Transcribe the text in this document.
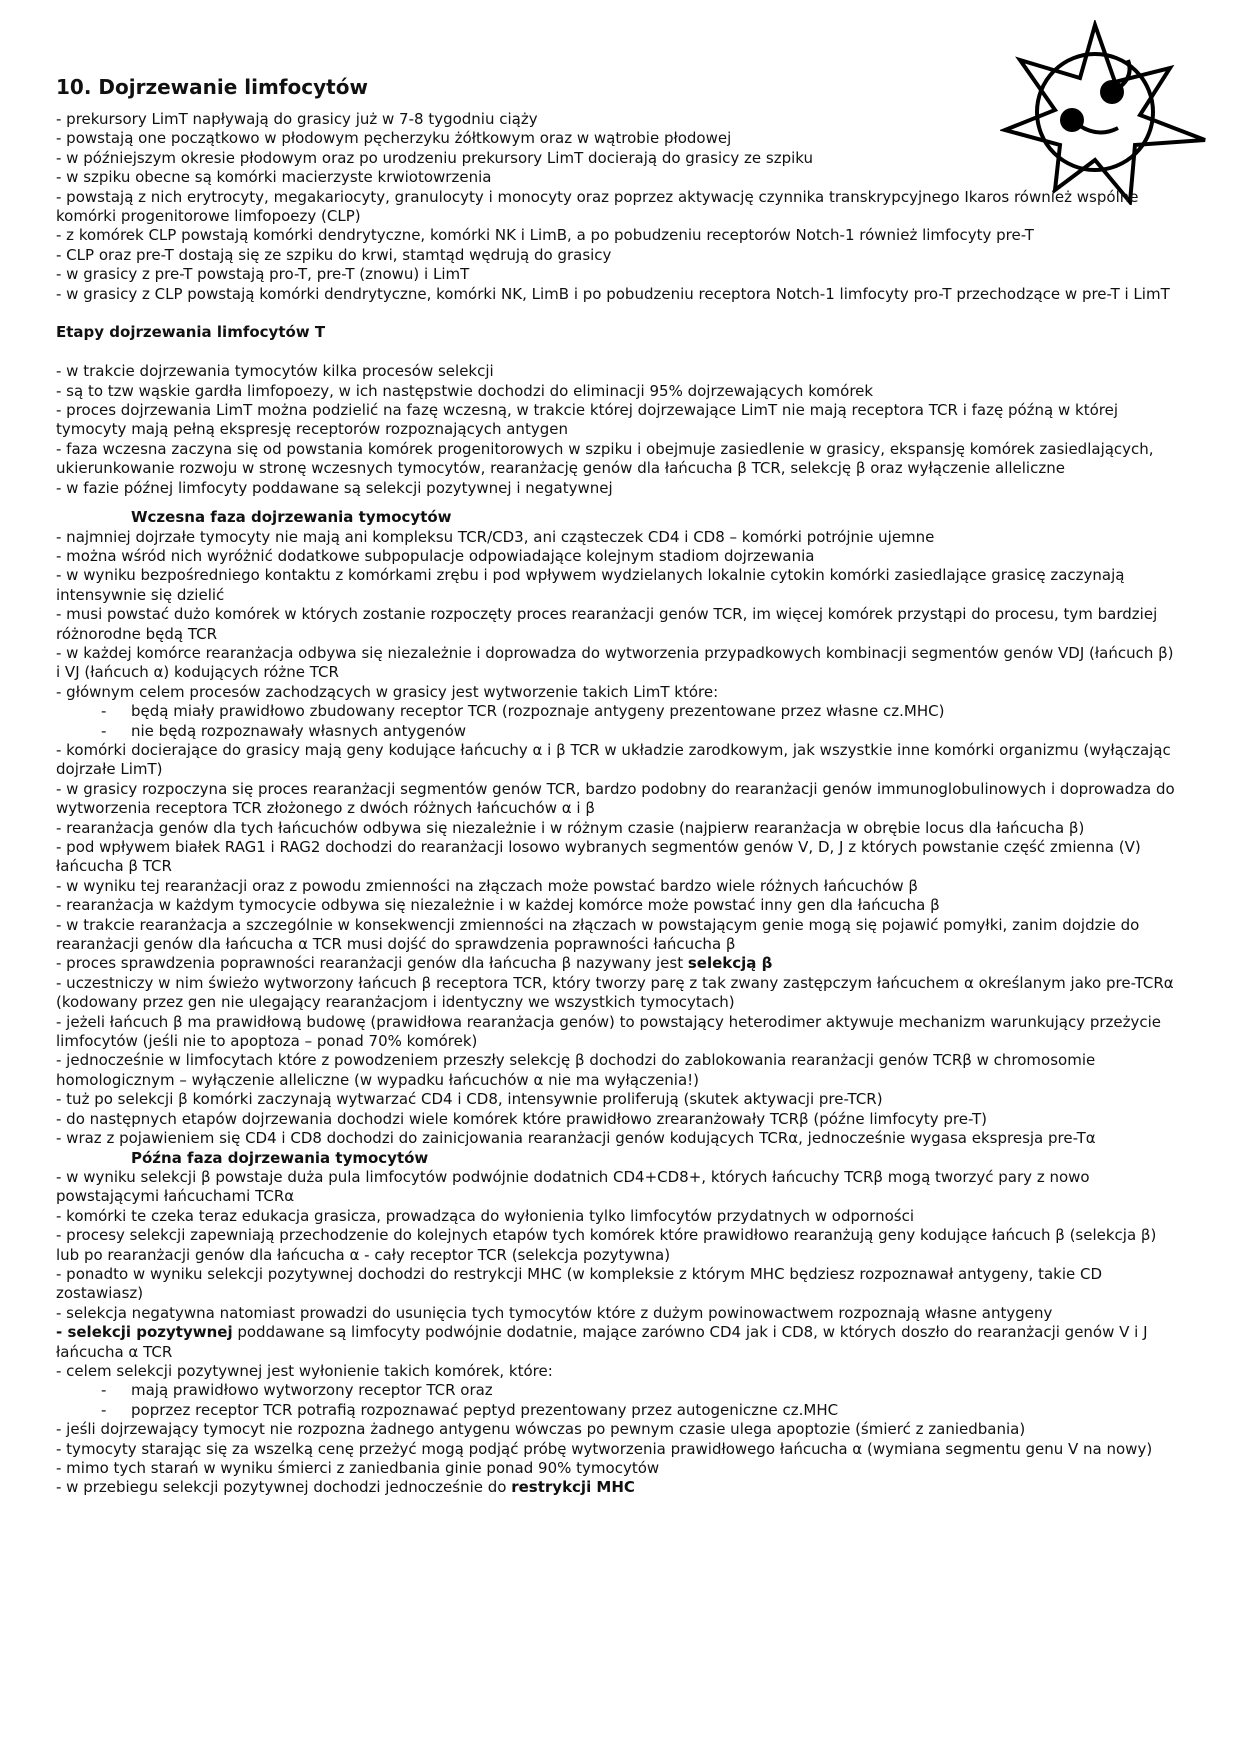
10. Dojrzewanie limfocytów

- prekursory LimT napływają do grasicy już w 7-8 tygodniu ciąży

- powstają one początkowo w płodowym pęcherzyku żółtkowym oraz w wątrobie płodowej

- w późniejszym okresie płodowym oraz po urodzeniu prekursory LimT docierają do grasicy ze szpiku

- w szpiku obecne są komórki macierzyste krwiotowrzenia

- powstają z nich erytrocyty, megakariocyty, granulocyty i monocyty oraz poprzez aktywację czynnika transkrypcyjnego Ikaros również wspólne komórki progenitorowe limfopoezy (CLP)

- z komórek CLP powstają komórki dendrytyczne, komórki NK i LimB, a po pobudzeniu receptorów Notch-1 również limfocyty pre-T

- CLP oraz pre-T dostają się ze szpiku do krwi, stamtąd wędrują do grasicy

- w grasicy z pre-T powstają pro-T, pre-T (znowu) i LimT

- w grasicy z CLP powstają komórki dendrytyczne, komórki NK, LimB i po pobudzeniu receptora Notch-1 limfocyty pro-T przechodzące w pre-T i LimT

Etapy dojrzewania limfocytów T

- w trakcie dojrzewania tymocytów kilka procesów selekcji

- są to tzw wąskie gardła limfopoezy, w ich następstwie dochodzi do eliminacji 95% dojrzewających komórek

- proces dojrzewania LimT można podzielić na fazę wczesną, w trakcie której dojrzewające LimT nie mają receptora TCR i fazę późną w której tymocyty mają pełną ekspresję receptorów rozpoznających antygen

- faza wczesna zaczyna się od powstania komórek progenitorowych w szpiku i obejmuje zasiedlenie w grasicy, ekspansję komórek zasiedlających, ukierunkowanie rozwoju w stronę wczesnych tymocytów, rearanżację genów dla łańcucha β TCR, selekcję β oraz wyłączenie alleliczne

- w fazie późnej limfocyty poddawane są selekcji pozytywnej i negatywnej

Wczesna faza dojrzewania tymocytów

- najmniej dojrzałe tymocyty nie mają ani kompleksu TCR/CD3, ani cząsteczek CD4 i CD8 – komórki potrójnie ujemne

- można wśród nich wyróżnić dodatkowe subpopulacje odpowiadające kolejnym stadiom dojrzewania

- w wyniku bezpośredniego kontaktu z komórkami zrębu i pod wpływem wydzielanych lokalnie cytokin komórki zasiedlające grasicę zaczynają intensywnie się dzielić

- musi powstać dużo komórek w których zostanie rozpoczęty proces rearanżacji genów TCR, im więcej komórek przystąpi do procesu, tym bardziej różnorodne będą TCR

- w każdej komórce rearanżacja odbywa się niezależnie i doprowadza do wytworzenia przypadkowych kombinacji segmentów genów VDJ (łańcuch β) i VJ (łańcuch α) kodujących różne TCR

- głównym celem procesów zachodzących w grasicy jest wytworzenie takich LimT które:

- będą miały prawidłowo zbudowany receptor TCR (rozpoznaje antygeny prezentowane przez własne cz.MHC)

- nie będą rozpoznawały własnych antygenów

- komórki docierające do grasicy mają geny kodujące łańcuchy α i β TCR w układzie zarodkowym, jak wszystkie inne komórki organizmu (wyłączając dojrzałe LimT)

- w grasicy rozpoczyna się proces rearanżacji segmentów genów TCR, bardzo podobny do rearanżacji genów immunoglobulinowych i doprowadza do wytworzenia receptora TCR złożonego z dwóch różnych łańcuchów α i β

- rearanżacja genów dla tych łańcuchów odbywa się niezależnie i w różnym czasie (najpierw rearanżacja w obrębie locus dla łańcucha β)

- pod wpływem białek RAG1 i RAG2 dochodzi do rearanżacji losowo wybranych segmentów genów V, D, J z których powstanie część zmienna (V) łańcucha β TCR

- w wyniku tej rearanżacji oraz z powodu zmienności na złączach może powstać bardzo wiele różnych łańcuchów β

- rearanżacja w każdym tymocycie odbywa się niezależnie i w każdej komórce może powstać inny gen dla łańcucha β

- w trakcie rearanżacja a szczególnie w konsekwencji zmienności na złączach w powstającym genie mogą się pojawić pomyłki, zanim dojdzie do rearanżacji genów dla łańcucha α TCR musi dojść do sprawdzenia poprawności łańcucha β

- proces sprawdzenia poprawności rearanżacji genów dla łańcucha β nazywany jest selekcją β

- uczestniczy w nim świeżo wytworzony łańcuch β receptora TCR, który tworzy parę z tak zwany zastępczym łańcuchem α określanym jako pre-TCRα (kodowany przez gen nie ulegający rearanżacjom i identyczny we wszystkich tymocytach)

- jeżeli łańcuch β ma prawidłową budowę (prawidłowa rearanżacja genów) to powstający heterodimer aktywuje mechanizm warunkujący przeżycie limfocytów (jeśli nie to apoptoza – ponad 70% komórek)

- jednocześnie w limfocytach które z powodzeniem przeszły selekcję β dochodzi do zablokowania rearanżacji genów TCRβ w chromosomie homologicznym – wyłączenie alleliczne (w wypadku łańcuchów α nie ma wyłączenia!)

- tuż po selekcji β komórki zaczynają wytwarzać CD4 i CD8, intensywnie proliferują (skutek aktywacji pre-TCR)

- do następnych etapów dojrzewania dochodzi wiele komórek które prawidłowo zrearanżowały TCRβ (późne limfocyty pre-T)

- wraz z pojawieniem się CD4 i CD8 dochodzi do zainicjowania rearanżacji genów kodujących TCRα, jednocześnie wygasa ekspresja pre-Tα

Późna faza dojrzewania tymocytów

- w wyniku selekcji β powstaje duża pula limfocytów podwójnie dodatnich CD4+CD8+, których łańcuchy TCRβ mogą tworzyć pary z nowo powstającymi łańcuchami TCRα

- komórki te czeka teraz edukacja grasicza, prowadząca do wyłonienia tylko limfocytów przydatnych w odporności

- procesy selekcji zapewniają przechodzenie do kolejnych etapów tych komórek które prawidłowo rearanżują geny kodujące łańcuch β (selekcja β) lub po rearanżacji genów dla łańcucha α - cały receptor TCR (selekcja pozytywna)

- ponadto w wyniku selekcji pozytywnej dochodzi do restrykcji MHC (w kompleksie z którym MHC będziesz rozpoznawał antygeny, takie CD zostawiasz)

- selekcja negatywna natomiast prowadzi do usunięcia tych tymocytów które z dużym powinowactwem rozpoznają własne antygeny

- selekcji pozytywnej poddawane są limfocyty podwójnie dodatnie, mające zarówno CD4 jak i CD8, w których doszło do rearanżacji genów V i J łańcucha α TCR

- celem selekcji pozytywnej jest wyłonienie takich komórek, które:

- mają prawidłowo wytworzony receptor TCR oraz

- poprzez receptor TCR potrafią rozpoznawać peptyd prezentowany przez autogeniczne cz.MHC

- jeśli dojrzewający tymocyt nie rozpozna żadnego antygenu wówczas po pewnym czasie ulega apoptozie (śmierć z zaniedbania)

- tymocyty starając się za wszelką cenę przeżyć mogą podjąć próbę wytworzenia prawidłowego łańcucha α (wymiana segmentu genu V na nowy)

- mimo tych starań w wyniku śmierci z zaniedbania ginie ponad 90% tymocytów

- w przebiegu selekcji pozytywnej dochodzi jednocześnie do restrykcji MHC
